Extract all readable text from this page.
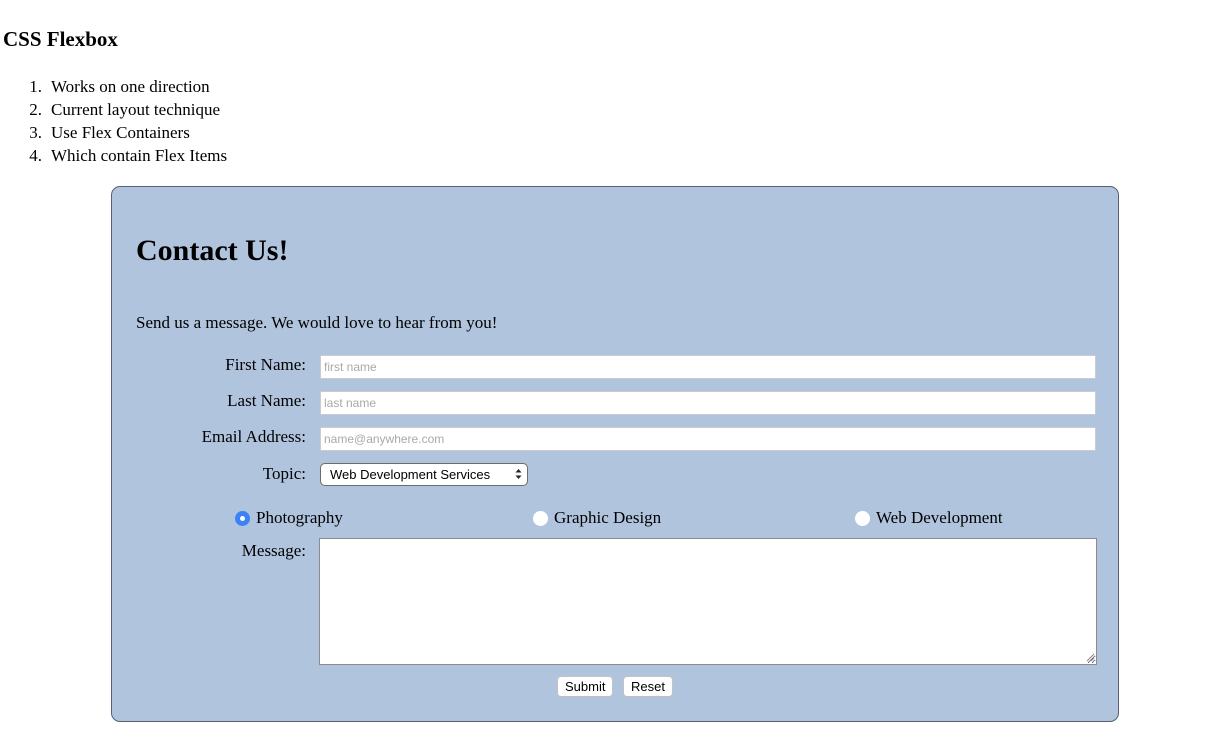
CSS Flexbox
1. Works on one direction
2. Current layout technique
3. Use Flex Containers
4. Which contain Flex Items
Contact Us!

Send us a message. We would love to hear from you!

First Name:
first name
Last Name:
last name
Email Address:
name@anywhere.com
Topic:	Web Development Services
Photography	Graphic Design	Web Development
Message:
Submit	Reset
